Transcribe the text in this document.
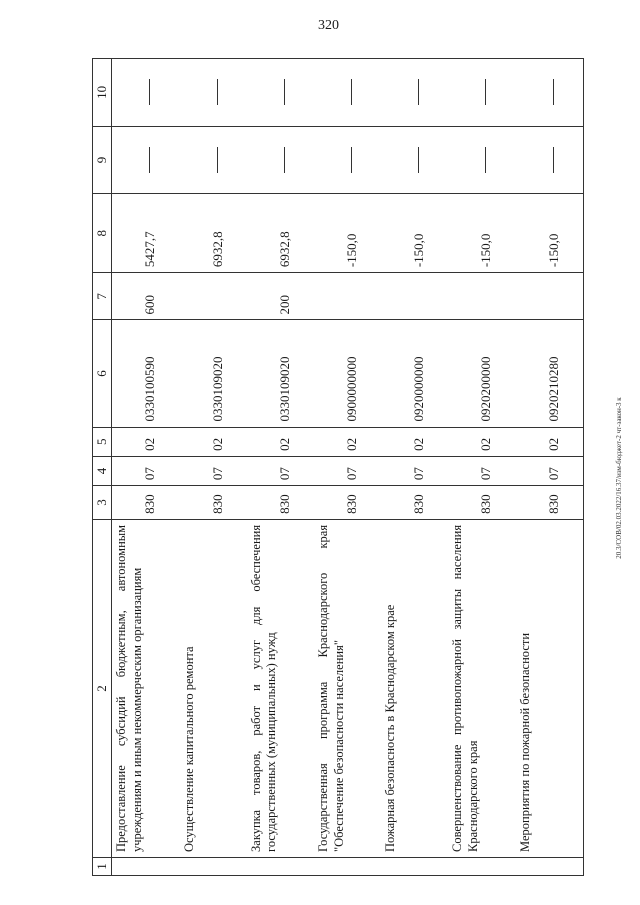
320
20.3/СОВ/02.03.2022/16.37/изм-бюджет-2 чт-закон-3 к
1	2	3	4	5	6	7	8	9	10
	Предоставление субсидий бюджетным, автономным учреждениям и иным некоммерческим организациям	830	07	02	0330100590	600	5427,7		
	Осуществление капитального ремонта	830	07	02	0330109020		6932,8		
	Закупка товаров, работ и услуг для обеспечения государственных (муниципальных) нужд	830	07	02	0330109020	200	6932,8		
	Государственная программа Краснодарского края "Обеспечение безопасности населения"	830	07	02	0900000000		-150,0		
	Пожарная безопасность в Краснодарском крае	830	07	02	0920000000		-150,0		
	Совершенствование противопожарной защиты населения Краснодарского края	830	07	02	0920200000		-150,0		
	Мероприятия по пожарной безопасности	830	07	02	0920210280		-150,0		
